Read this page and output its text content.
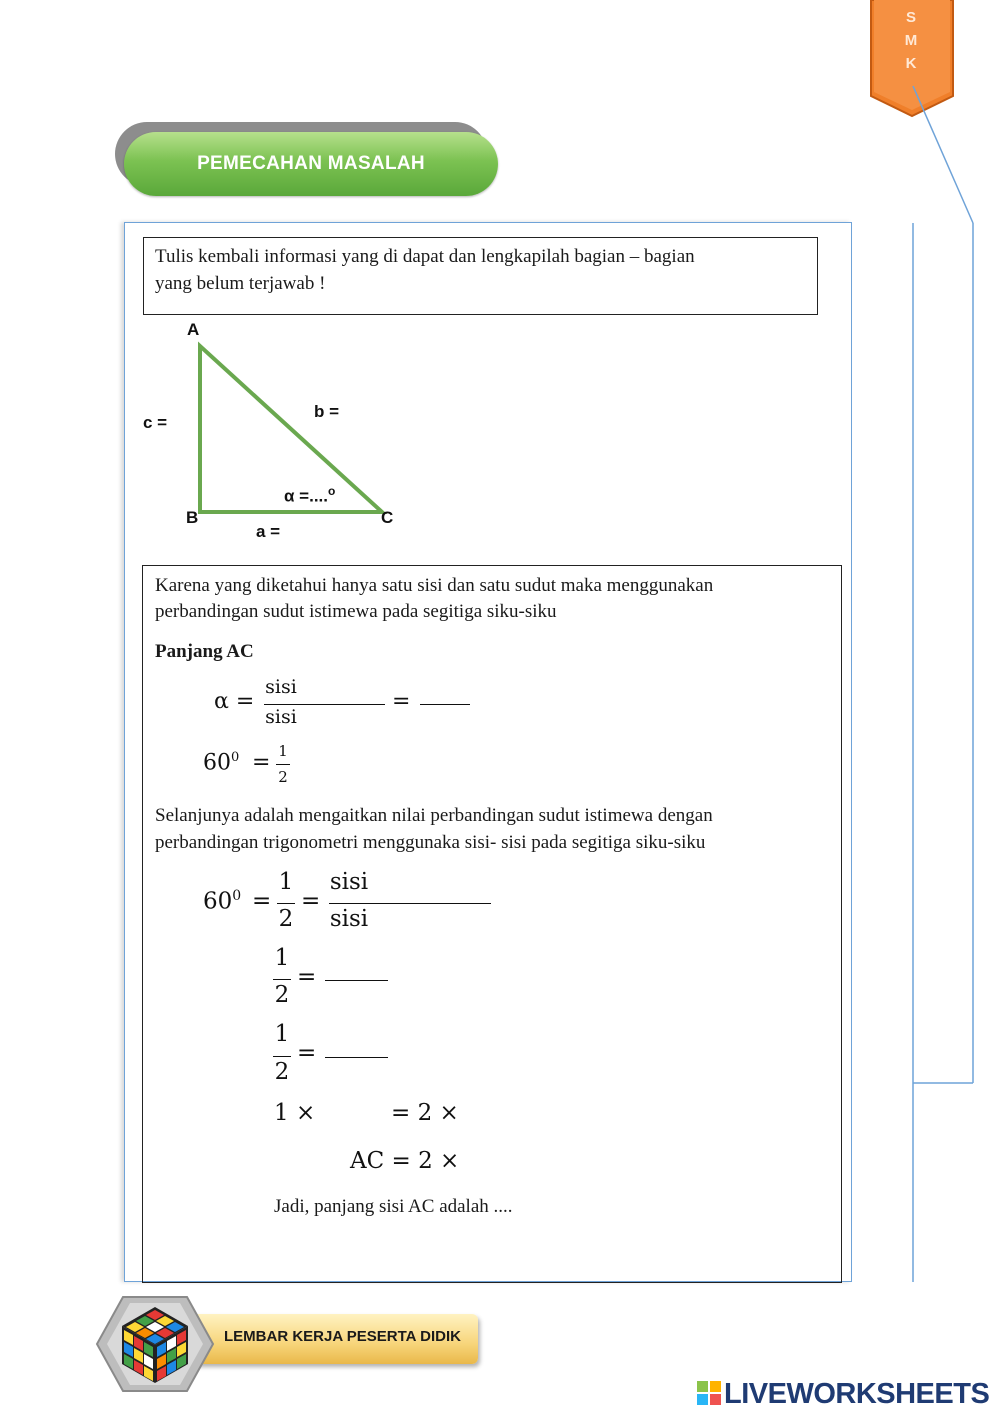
S
M
K
PEMECAHAN MASALAH
Tulis kembali informasi yang di dapat dan lengkapilah bagian – bagian
yang belum terjawab !
A
B	C
c =
b =
a =
α =....$^o$
Karena yang diketahui hanya satu sisi dan satu sudut maka menggunakan
perbandingan sudut istimewa pada segitiga siku-siku
Panjang AC
α =
sisi
sisi
=
$60^0 = 1$
2
Selanjunya adalah mengaitkan nilai perbandingan sudut istimewa dengan
perbandingan trigonometri menggunaka sisi- sisi pada segitiga siku-siku
$60^0$ =
1
2
=
sisi
sisi
1
2
=
1
2
=
1 ×	= 2 ×
AC = 2 ×
Jadi, panjang sisi AC adalah ....
LEMBAR KERJA PESERTA DIDIK
LIVEWORKSHEETS
